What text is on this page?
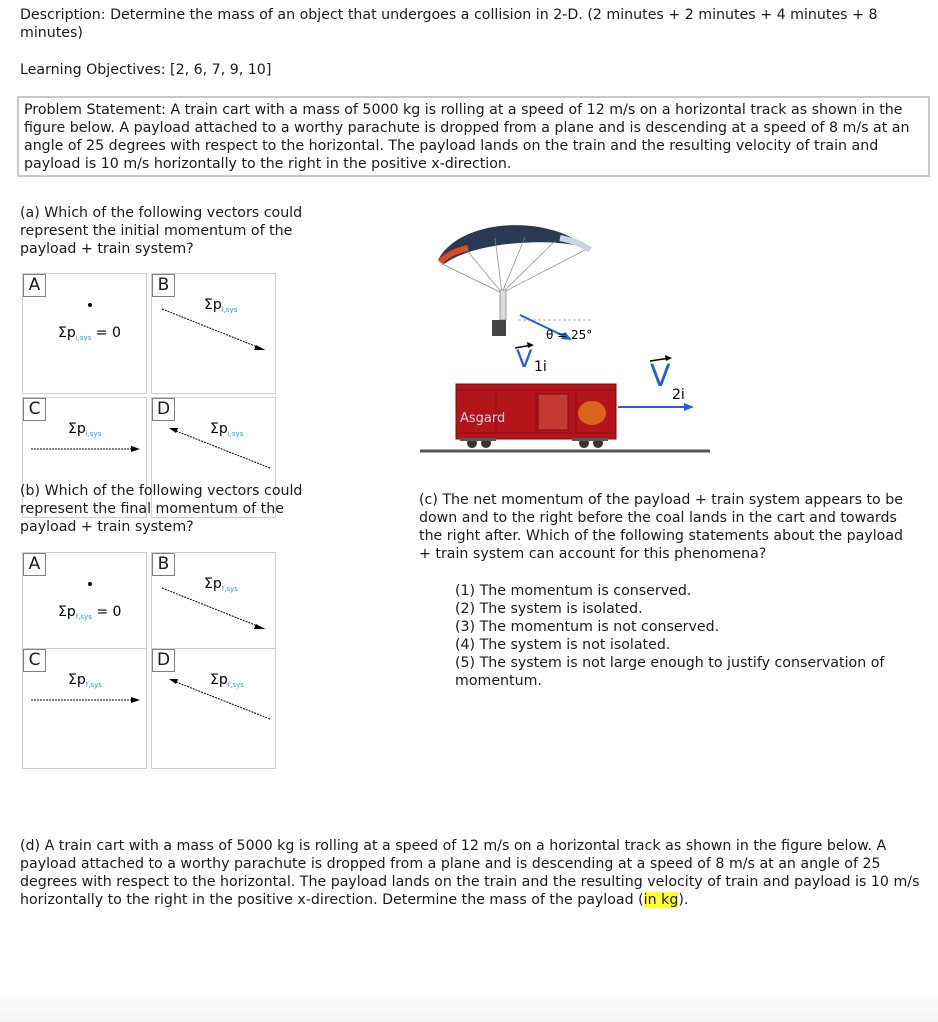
Description: Determine the mass of an object that undergoes a collision in 2-D. (2 minutes + 2 minutes + 4 minutes + 8 minutes)
Learning Objectives: [2, 6, 7, 9, 10]
Problem Statement: A train cart with a mass of 5000 kg is rolling at a speed of 12 m/s on a horizontal track as shown in the figure below. A payload attached to a worthy parachute is dropped from a plane and is descending at a speed of 8 m/s at an angle of 25 degrees with respect to the horizontal. The payload lands on the train and the resulting velocity of train and payload is 10 m/s horizontally to the right in the positive x-direction.
(a) Which of the following vectors could represent the initial momentum of the payload + train system?
A
$\Sigma p_{i,sys} = 0$
B
$\Sigma p_{i,sys}$
C
$\Sigma p_{i,sys}$
D
$\Sigma p_{i,sys}$
(b) Which of the following vectors could represent the final momentum of the payload + train system?
A
$\Sigma p_{f,sys} = 0$
B
$\Sigma p_{f,sys}$
C
$\Sigma p_{f,sys}$
D
$\Sigma p_{f,sys}$
θ = 25°
V 1i	V
2i
Asgard
(c) The net momentum of the payload + train system appears to be down and to the right before the coal lands in the cart and towards the right after. Which of the following statements about the payload + train system can account for this phenomena?
(1) The momentum is conserved.
(2) The system is isolated.
(3) The momentum is not conserved.
(4) The system is not isolated.
(5) The system is not large enough to justify conservation of momentum.
(d) A train cart with a mass of 5000 kg is rolling at a speed of 12 m/s on a horizontal track as shown in the figure below. A payload attached to a worthy parachute is dropped from a plane and is descending at a speed of 8 m/s at an angle of 25 degrees with respect to the horizontal. The payload lands on the train and the resulting velocity of train and payload is 10 m/s horizontally to the right in the positive x-direction. Determine the mass of the payload (in kg).
